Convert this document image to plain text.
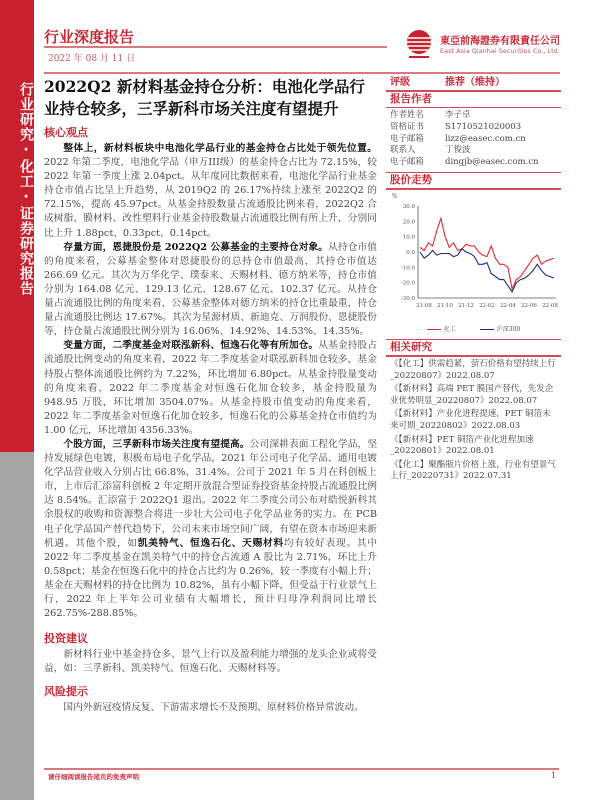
行业研究·化工·证券研究报告
行业深度报告
2022 年 08 月 11 日
東亞前海證券有限責任公司
East Asia Qianhai Securities Co., Ltd.
2022Q2 新材料基金持仓分析：电池化学品行业持仓较多，三孚新科市场关注度有望提升
核心观点

整体上，新材料板块中电池化学品行业的基金持仓占比处于领先位置。2022 年第二季度，电池化学品（申万III级）的基金持仓占比为 72.15%，较 2022 年第一季度上涨 2.04pct。从年度同比数据来看，电池化学品行业基金持仓市值占比呈上升趋势，从 2019Q2 的 26.17%持续上涨至 2022Q2 的 72.15%，提高 45.97pct。从基金持股数量占流通股比例来看，2022Q2 合成树脂、膜材料、改性塑料行业基金持股数量占流通股比例有所上升，分别同比上升 1.88pct、0.33pct、0.14pct。

存量方面，恩捷股份是 2022Q2 公募基金的主要持仓对象。从持仓市值的角度来看，公募基金整体对恩捷股份的总持仓市值最高，其持仓市值达 266.69 亿元。其次为万华化学、璞泰来、天赐材料、德方纳米等，持仓市值分别为 164.08 亿元、129.13 亿元、128.67 亿元、102.37 亿元。从持仓量占流通股比例的角度来看，公募基金整体对德方纳米的持仓比重最重，持仓量占流通股比例达 17.67%。其次为星源材质、新迪克、万润股份、恩捷股份等，持仓量占流通股比例分别为 16.06%、14.92%、14.53%、14.35%。

变量方面，二季度基金对联泓新科、恒逸石化等有所加仓。从基金持股占流通股比例变动的角度来看，2022 年二季度基金对联泓新科加仓较多，基金持股占整体流通股比例约为 7.22%，环比增加 6.80pct。从基金持股量变动的角度来看，2022 年二季度基金对恒逸石化加仓较多，基金持股量为 948.95 万股，环比增加 3504.07%。从基金持股市值变动的角度来看，2022 年二季度基金对恒逸石化加仓较多，恒逸石化的公募基金持仓市值约为 1.00 亿元，环比增加 4356.33%。

个股方面，三孚新科市场关注度有望提高。公司深耕表面工程化学品，坚持发展绿色电镀，积极布局电子化学品，2021 年公司电子化学品、通用电镀化学品营业收入分别占比 66.8%、31.4%。公司于 2021 年 5 月在科创板上市，上市后汇添富科创板 2 年定期开放混合型证券投资基金持股占流通股比例达 8.54%。汇添富于 2022Q1 退出。2022 年二季度公司公布对皓悦新科其余股权的收购和资源整合将进一步壮大公司电子化学品业务的实力。在 PCB 电子化学品国产替代趋势下，公司未来市场空间广阔，有望在资本市场迎来新机遇。其他个股，如凯美特气、恒逸石化、天赐材料均有较好表现。其中 2022 年二季度基金在凯美特气中的持仓占流通 A 股比为 2.71%，环比上升 0.58pct；基金在恒逸石化中的持仓占比约为 0.26%，较一季度有小幅上升；基金在天赐材料的持仓比例为 10.82%，虽有小幅下降，但受益于行业景气上行，2022 年上半年公司业绩有大幅增长，预计归母净利润同比增长 262.75%-288.85%。

投资建议

新材料行业中基金持仓多、景气上行以及盈利能力增强的龙头企业或将受益，如：三孚新科、凯美特气、恒逸石化、天赐材料等。

风险提示

国内外新冠疫情反复、下游需求增长不及预期、原材料价格异常波动。

评级	推荐（维持）
报告作者
作者姓名	李子卓
资格证书	S1710521020003
电子邮箱	lizz@easec.com.cn
联系人	丁俊波
电子邮箱	dingjb@easec.com.cn
股价走势
%
30.0
20.0
10.0
0.0
-10.0
-20.0
-30.0
21-08 21-10 21-12 22-02 22-04 22-06 22-08
化工	沪深300
相关研究
《【化工】供需趋紧，萤石价格有望持续上行_20220807》2022.08.07
《【新材料】高端 PET 膜国产替代，先发企业优势明显_20220807》2022.08.07
《【新材料】产业化进程提速，PET 铜箔未来可期_20220802》2022.08.03
《【新材料】PET 铜箔产业化进程加速_20220801》2022.08.01
《【化工】聚酯瓶片价格上涨，行业有望景气上行_20220731》2022.07.31
请仔细阅读报告尾页的免责声明	1
